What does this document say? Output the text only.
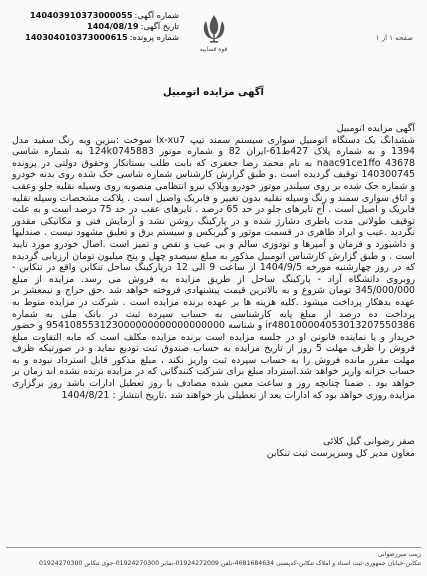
صفحه ۱ از ۱
قوه قضاییه
شماره آگهی:
140403910373000055
تاریخ آگهی:
1404/08/19
شماره پرونده:
140304010373000615
آگهی مزایده اتومبیل

آگهی مزایده اتومبیل

ششدانگ یک دستگاه اتومبیل سواری سیستم سمند تیپ lx-xu7 سوخت :بنزین وبه رنگ سفید مدل 1394 و به شماره پلاک 427ط61-ایران 82 و شماره موتور 124k0745883 به شماره شاسی naac91ce1ffo 43678 به نام محمد رضا جعفری که بابت طلب بستانکار وحقوق دولتی در پرونده 140300745 توقیف گردیده است .و طبق گزارش کارشناس شماره شاسی حک شده روی بدنه خودرو و شماره حک شده بر روی سیلندر موتور خودرو وپلاک نیرو انتظامی منصوبه روی وسیله نقلیه جلو وعقب و اتاق سواری سمند و رنگ وسیله نقلیه بدون تغییر و فابریک واصیل است . پلاکت مشخصات وسیله نقلیه فابریک و اصیل است . آج تایرهای جلو در حد 65 درصد . تایرهای عقب در حد 75 درصد است و به علت توقیف طولانی مدت باطری دشارژ شده و در پارکینگ روشن نشد و آزمایش فنی و مکانیکی مقدور نگردید .عیب و ایراد ظاهری در قسمت موتور و گیربکس و سیستم برق و تعلیق مشهود نیست . صندلیها و داشبورد و فرمان و آمپرها و تودوزی سالم و بی عیب و نقص و تمیز است .اصال خودرو مورد تایید است . و طبق گزارش کارشناس اتومبیل مذکور به مبلغ سیصدو چهل و پنج میلیون تومان ارزیابی گردیده که در روز چهارشنبه مورخه 1404/9/5 از ساعت 9 الی 12 درپارکینگ ساحل تنکابن واقع در تنکابن - روبروی دانشگاه آزاد - پارکینگ ساحل از طریق مزایده به فروش می رسد. مزایده از مبلغ 345/000/000 تومان شروع و به بالاترین قیمت پیشنهادی فروخته خواهد شد .حق حراج و نیمعشر بر عهده بدهکار پرداخت میشود .کلیه هزینه ها بر عهده برنده مزایده است . شرکت در مزایده منوط به پرداخت ده درصد از مبلغ پایه کارشناسی به حساب سپرده ثبت در بانک ملی به شماره ir480100004053013207550386 و شناسه 954108553123000000000000000000 و حضور خریدار و یا نماینده قانونی او در جلسه مزایده است برنده مزایده مکلف است که مابه التفاوت مبلغ فروش را ظرف مهلت 5 روز از تاریخ مزایده به حساب صندوق ثبت تودیع نماید و در صورتیکه ظرف مهلت مقرر مانده فروش را به حساب سپرده ثبت واریز نکند ، مبلغ مذکور قابل استرداد نبوده و به حساب خزانه واریز خواهد شد.استرداد مبلغ برای شرکت کنندگانی که در مزایده برنده نشده اند زمان بر خواهد بود . ضمنا چنانچه روز و ساعت معین شده مصادف با روز تعطیل ادارات باشد روز برگزاری مزایده روزی خواهد بود که ادارات بعد از تعطیلی باز خواهند شد .تاریخ انتشار : 1404/8/21

صفر رضوانی گیل کلائی
معاون مدیر کل وسرپرست ثبت تنکابن
زینب میررضوانی
تنکابن-خیابان جمهوری-ثبت اسناد و املاک تنکابن-کدپستی 4681684634-تلفن 01924272009-نمابر 01924270300-جوی تنکابن 01924270300
